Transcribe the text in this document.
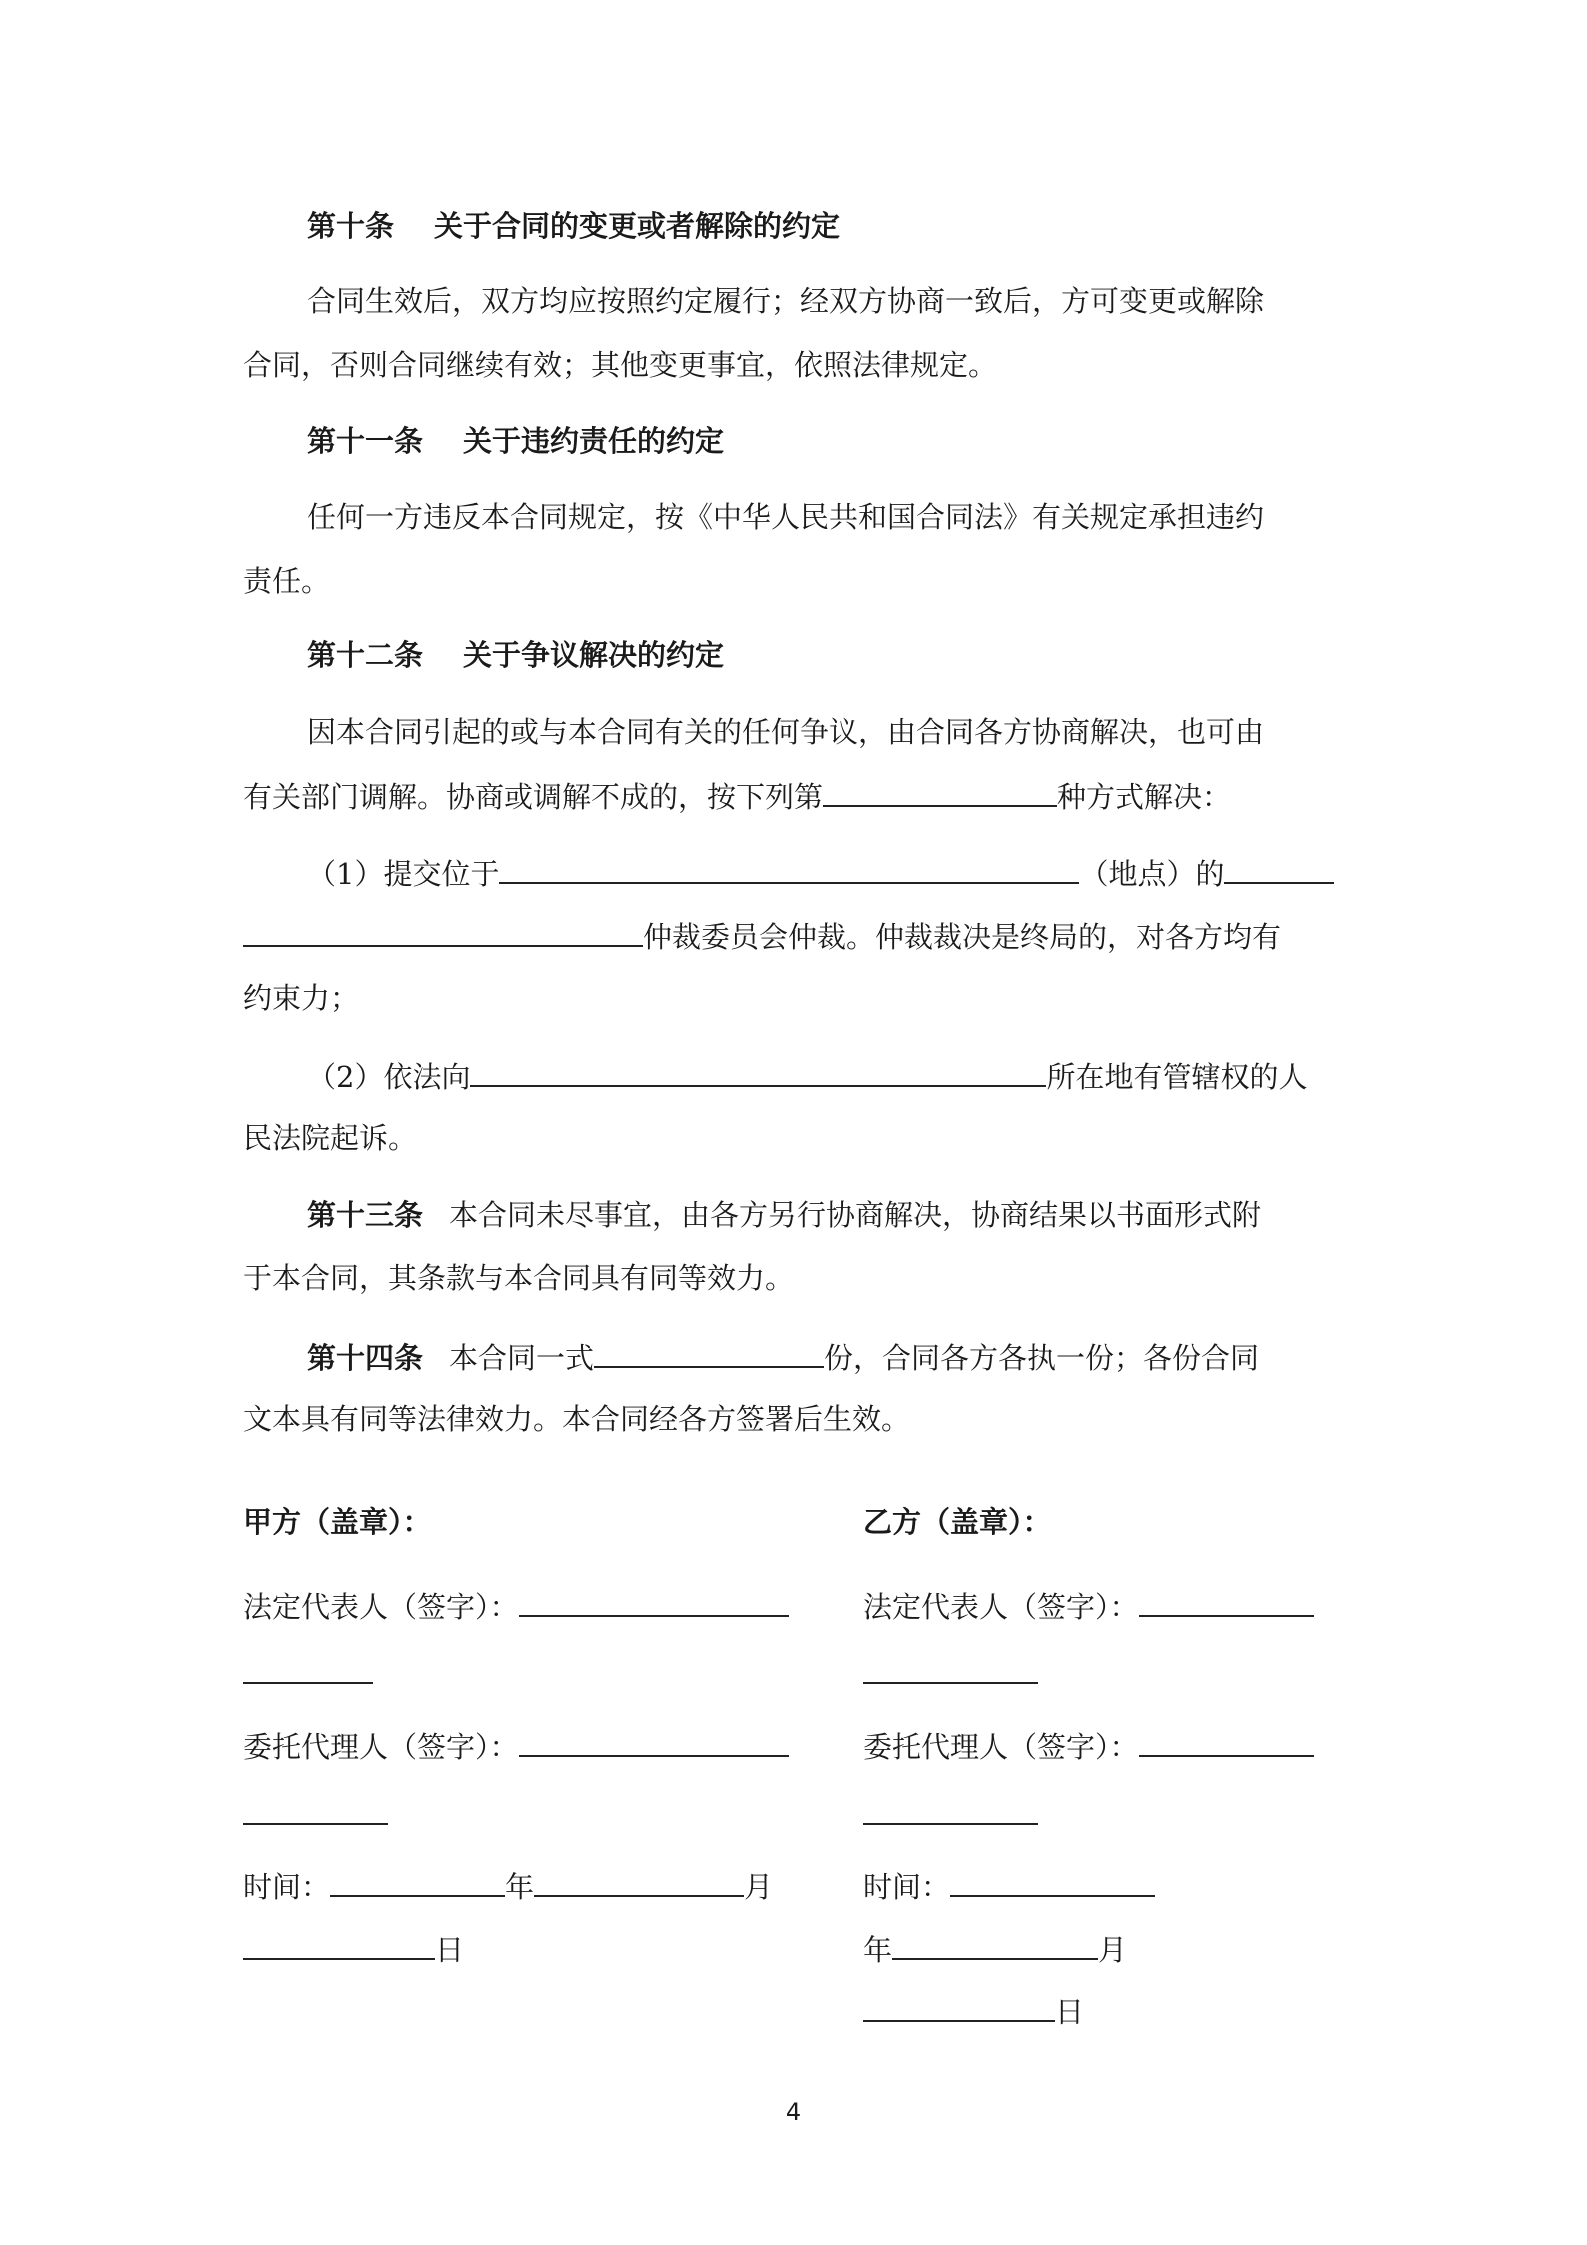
第十条 关于合同的变更或者解除的约定
合同生效后，双方均应按照约定履行；经双方协商一致后，方可变更或解除
合同，否则合同继续有效；其他变更事宜，依照法律规定。
第十一条 关于违约责任的约定
任何一方违反本合同规定，按《中华人民共和国合同法》有关规定承担违约
责任。
第十二条 关于争议解决的约定
因本合同引起的或与本合同有关的任何争议，由合同各方协商解决，也可由
有关部门调解。协商或调解不成的，按下列第	种方式解决：
（1）提交位于	（地点）的
仲裁委员会仲裁。仲裁裁决是终局的，对各方均有
约束力；
（2）依法向	所在地有管辖权的人
民法院起诉。
第十三条 本合同未尽事宜，由各方另行协商解决，协商结果以书面形式附
于本合同，其条款与本合同具有同等效力。
第十四条 本合同一式	份，合同各方各执一份；各份合同
文本具有同等法律效力。本合同经各方签署后生效。
甲方（盖章）：
法定代表人（签字）：
委托代理人（签字）：
时间：	年	月
日
乙方（盖章）：
法定代表人（签字）：
委托代理人（签字）：
时间：
年	月
日
4
